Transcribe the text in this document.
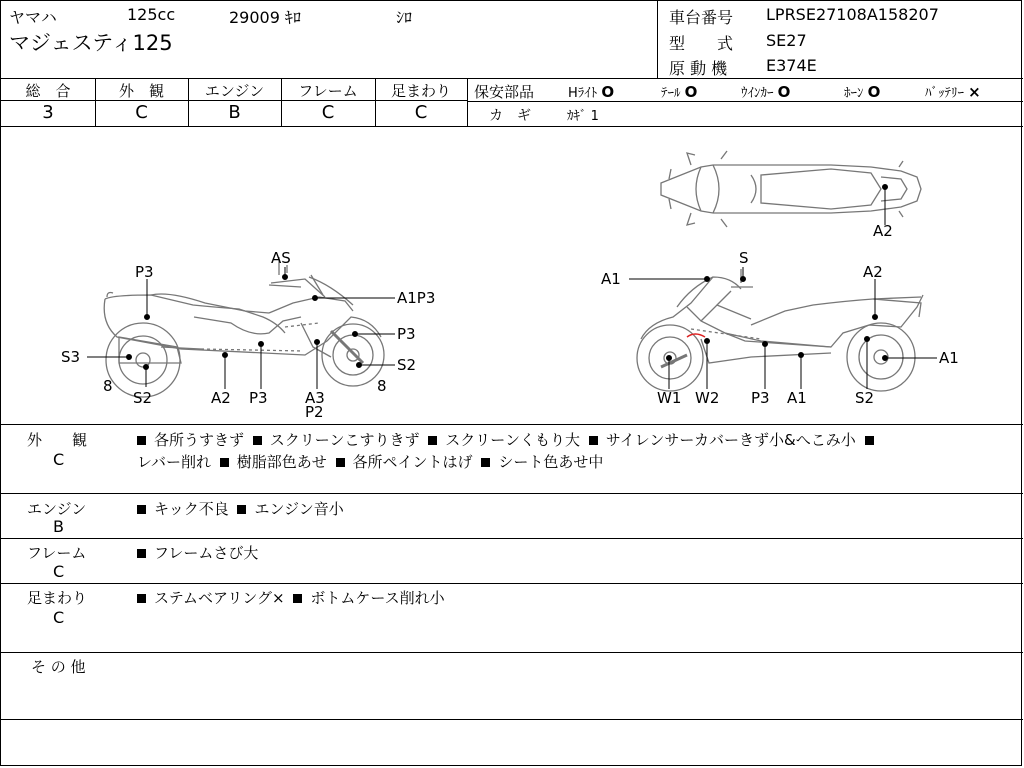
ヤマハ	125cc	29009 ｷﾛ	ｼﾛ
マジェスティ125
車台番号 LPRSE27108A158207
型　　式 SE27
原 動 機 E374E
総　合
3
外　観
C
エンジン
B
フレーム
C
足まわり
C
保安部品	Hﾗｲﾄ O	ﾃｰﾙ O	ｳｲﾝｶｰ O	ﾎｰﾝ O	ﾊﾞｯﾃﾘｰ ×
カ　ギ	ｶｷﾞ 1
P3
AS
A1P3
P3
S3	S2
8	8
S2	A2 P3 A3
P2
A2
A1
S
A2
A1
W1 W2 P3 A1	S2
外　　観
C
各所うすきず スクリーンこすりきず スクリーンくもり大 サイレンサーカバーきず小&へこみ小
レバー削れ 樹脂部色あせ 各所ペイントはげ シート色あせ中
エンジン
B
キック不良 エンジン音小
フレーム
C
フレームさび大
足まわり
C
ステムベアリング× ボトムケース削れ小
そ の 他
